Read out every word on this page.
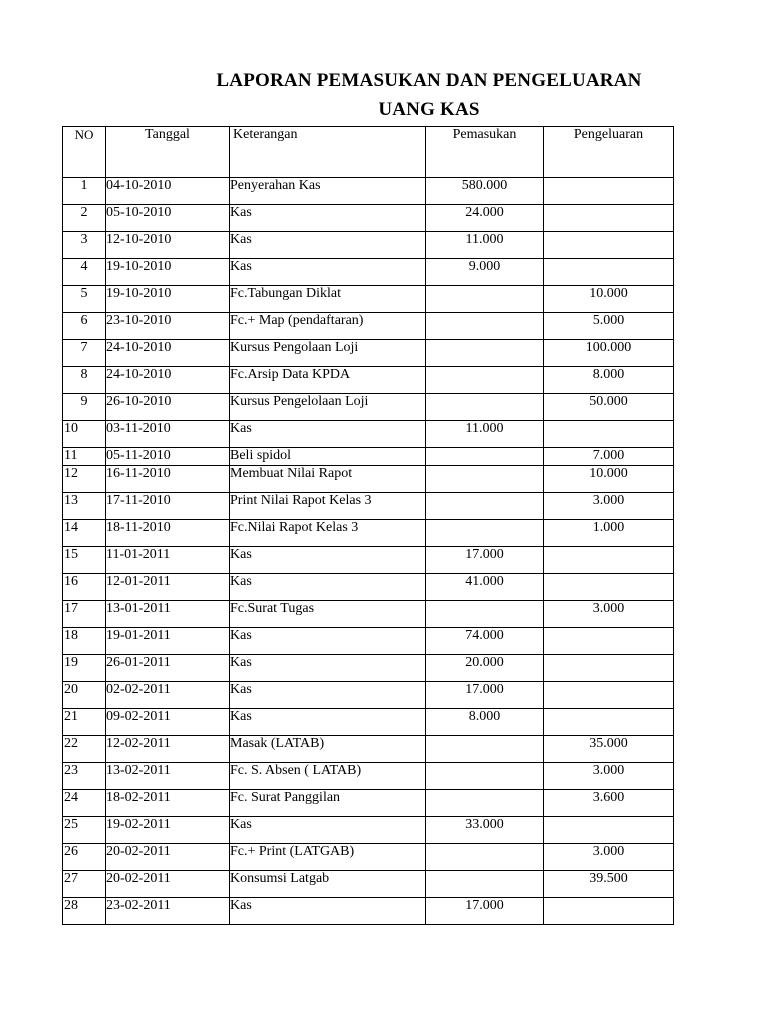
LAPORAN PEMASUKAN DAN PENGELUARAN
UANG KAS
NO	Tanggal	Keterangan	Pemasukan	Pengeluaran
1	04-10-2010	Penyerahan Kas	580.000	
2	05-10-2010	Kas	24.000	
3	12-10-2010	Kas	11.000	
4	19-10-2010	Kas	9.000	
5	19-10-2010	Fc.Tabungan Diklat		10.000
6	23-10-2010	Fc.+ Map (pendaftaran)		5.000
7	24-10-2010	Kursus Pengolaan Loji		100.000
8	24-10-2010	Fc.Arsip Data KPDA		8.000
9	26-10-2010	Kursus Pengelolaan Loji		50.000
10	03-11-2010	Kas	11.000	
11	05-11-2010	Beli spidol		7.000
12	16-11-2010	Membuat Nilai Rapot		10.000
13	17-11-2010	Print Nilai Rapot Kelas 3		3.000
14	18-11-2010	Fc.Nilai Rapot Kelas 3		1.000
15	11-01-2011	Kas	17.000	
16	12-01-2011	Kas	41.000	
17	13-01-2011	Fc.Surat Tugas		3.000
18	19-01-2011	Kas	74.000	
19	26-01-2011	Kas	20.000	
20	02-02-2011	Kas	17.000	
21	09-02-2011	Kas	8.000	
22	12-02-2011	Masak (LATAB)		35.000
23	13-02-2011	Fc. S. Absen ( LATAB)		3.000
24	18-02-2011	Fc. Surat Panggilan		3.600
25	19-02-2011	Kas	33.000	
26	20-02-2011	Fc.+ Print (LATGAB)		3.000
27	20-02-2011	Konsumsi Latgab		39.500
28	23-02-2011	Kas	17.000	
